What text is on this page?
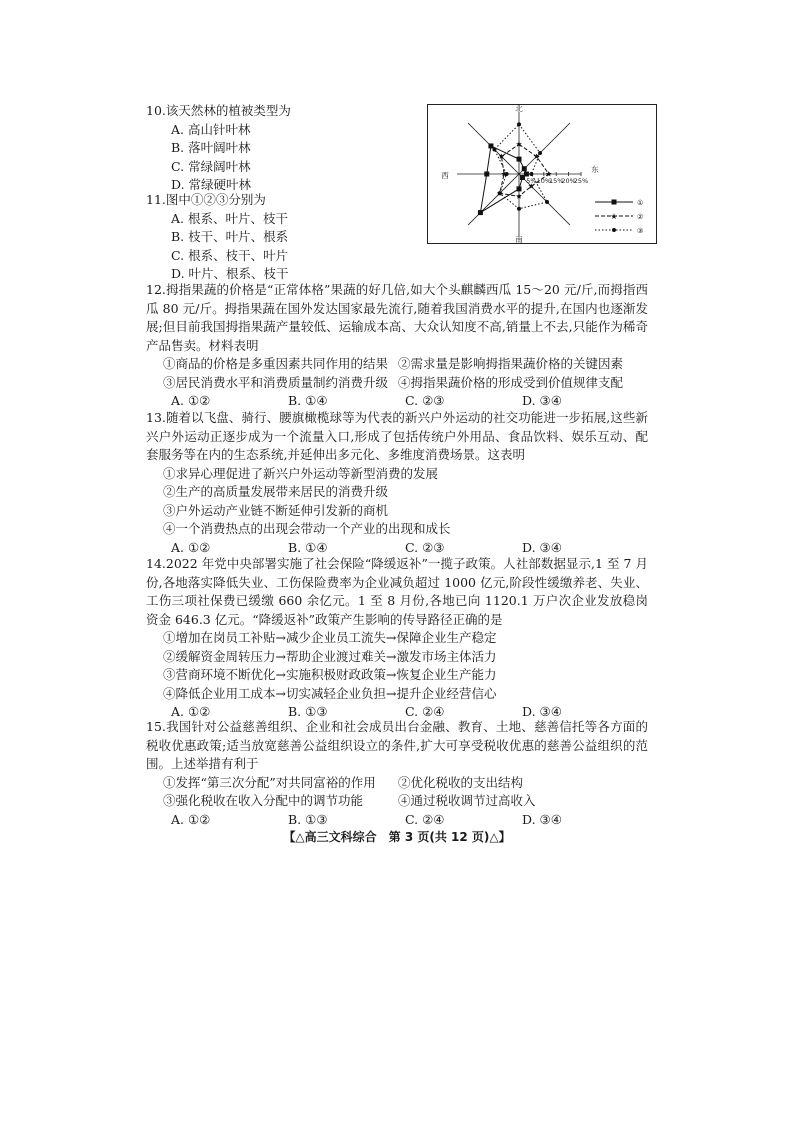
10.该天然林的植被类型为
A. 高山针叶林
B. 落叶阔叶林
C. 常绿阔叶林
D. 常绿硬叶林
11.图中①②③分别为
A. 根系、叶片、枝干
B. 枝干、叶片、根系
C. 根系、枝干、叶片
D. 叶片、根系、枝干
5% 10%
15%
20%
25%
北
东
南
西
①
★	②
③
12.拇指果蔬的价格是“正常体格”果蔬的好几倍,如大个头麒麟西瓜 15～20 元/斤,而拇指西瓜 80 元/斤。拇指果蔬在国外发达国家最先流行,随着我国消费水平的提升,在国内也逐渐发展;但目前我国拇指果蔬产量较低、运输成本高、大众认知度不高,销量上不去,只能作为稀奇产品售卖。材料表明
①商品的价格是多重因素共同作用的结果 ②需求量是影响拇指果蔬价格的关键因素
③居民消费水平和消费质量制约消费升级 ④拇指果蔬价格的形成受到价值规律支配
A. ①②	B. ①④	C. ②③	D. ③④
13.随着以飞盘、骑行、腰旗橄榄球等为代表的新兴户外运动的社交功能进一步拓展,这些新兴户外运动正逐步成为一个流量入口,形成了包括传统户外用品、食品饮料、娱乐互动、配套服务等在内的生态系统,并延伸出多元化、多维度消费场景。这表明
①求异心理促进了新兴户外运动等新型消费的发展
②生产的高质量发展带来居民的消费升级
③户外运动产业链不断延伸引发新的商机
④一个消费热点的出现会带动一个产业的出现和成长
A. ①②	B. ①④	C. ②③	D. ③④
14.2022 年党中央部署实施了社会保险“降缓返补”一揽子政策。人社部数据显示,1 至 7 月份,各地落实降低失业、工伤保险费率为企业减负超过 1000 亿元,阶段性缓缴养老、失业、工伤三项社保费已缓缴 660 余亿元。1 至 8 月份,各地已向 1120.1 万户次企业发放稳岗资金 646.3 亿元。“降缓返补”政策产生影响的传导路径正确的是
①增加在岗员工补贴→减少企业员工流失→保障企业生产稳定
②缓解资金周转压力→帮助企业渡过难关→激发市场主体活力
③营商环境不断优化→实施积极财政政策→恢复企业生产能力
④降低企业用工成本→切实减轻企业负担→提升企业经营信心
A. ①②	B. ①③	C. ②④	D. ③④
15.我国针对公益慈善组织、企业和社会成员出台金融、教育、土地、慈善信托等各方面的税收优惠政策;适当放宽慈善公益组织设立的条件,扩大可享受税收优惠的慈善公益组织的范围。上述举措有利于
①发挥“第三次分配”对共同富裕的作用	②优化税收的支出结构
③强化税收在收入分配中的调节功能	④通过税收调节过高收入
A. ①②	B. ①③	C. ②④	D. ③④
【△高三文科综合　第 3 页(共 12 页)△】
